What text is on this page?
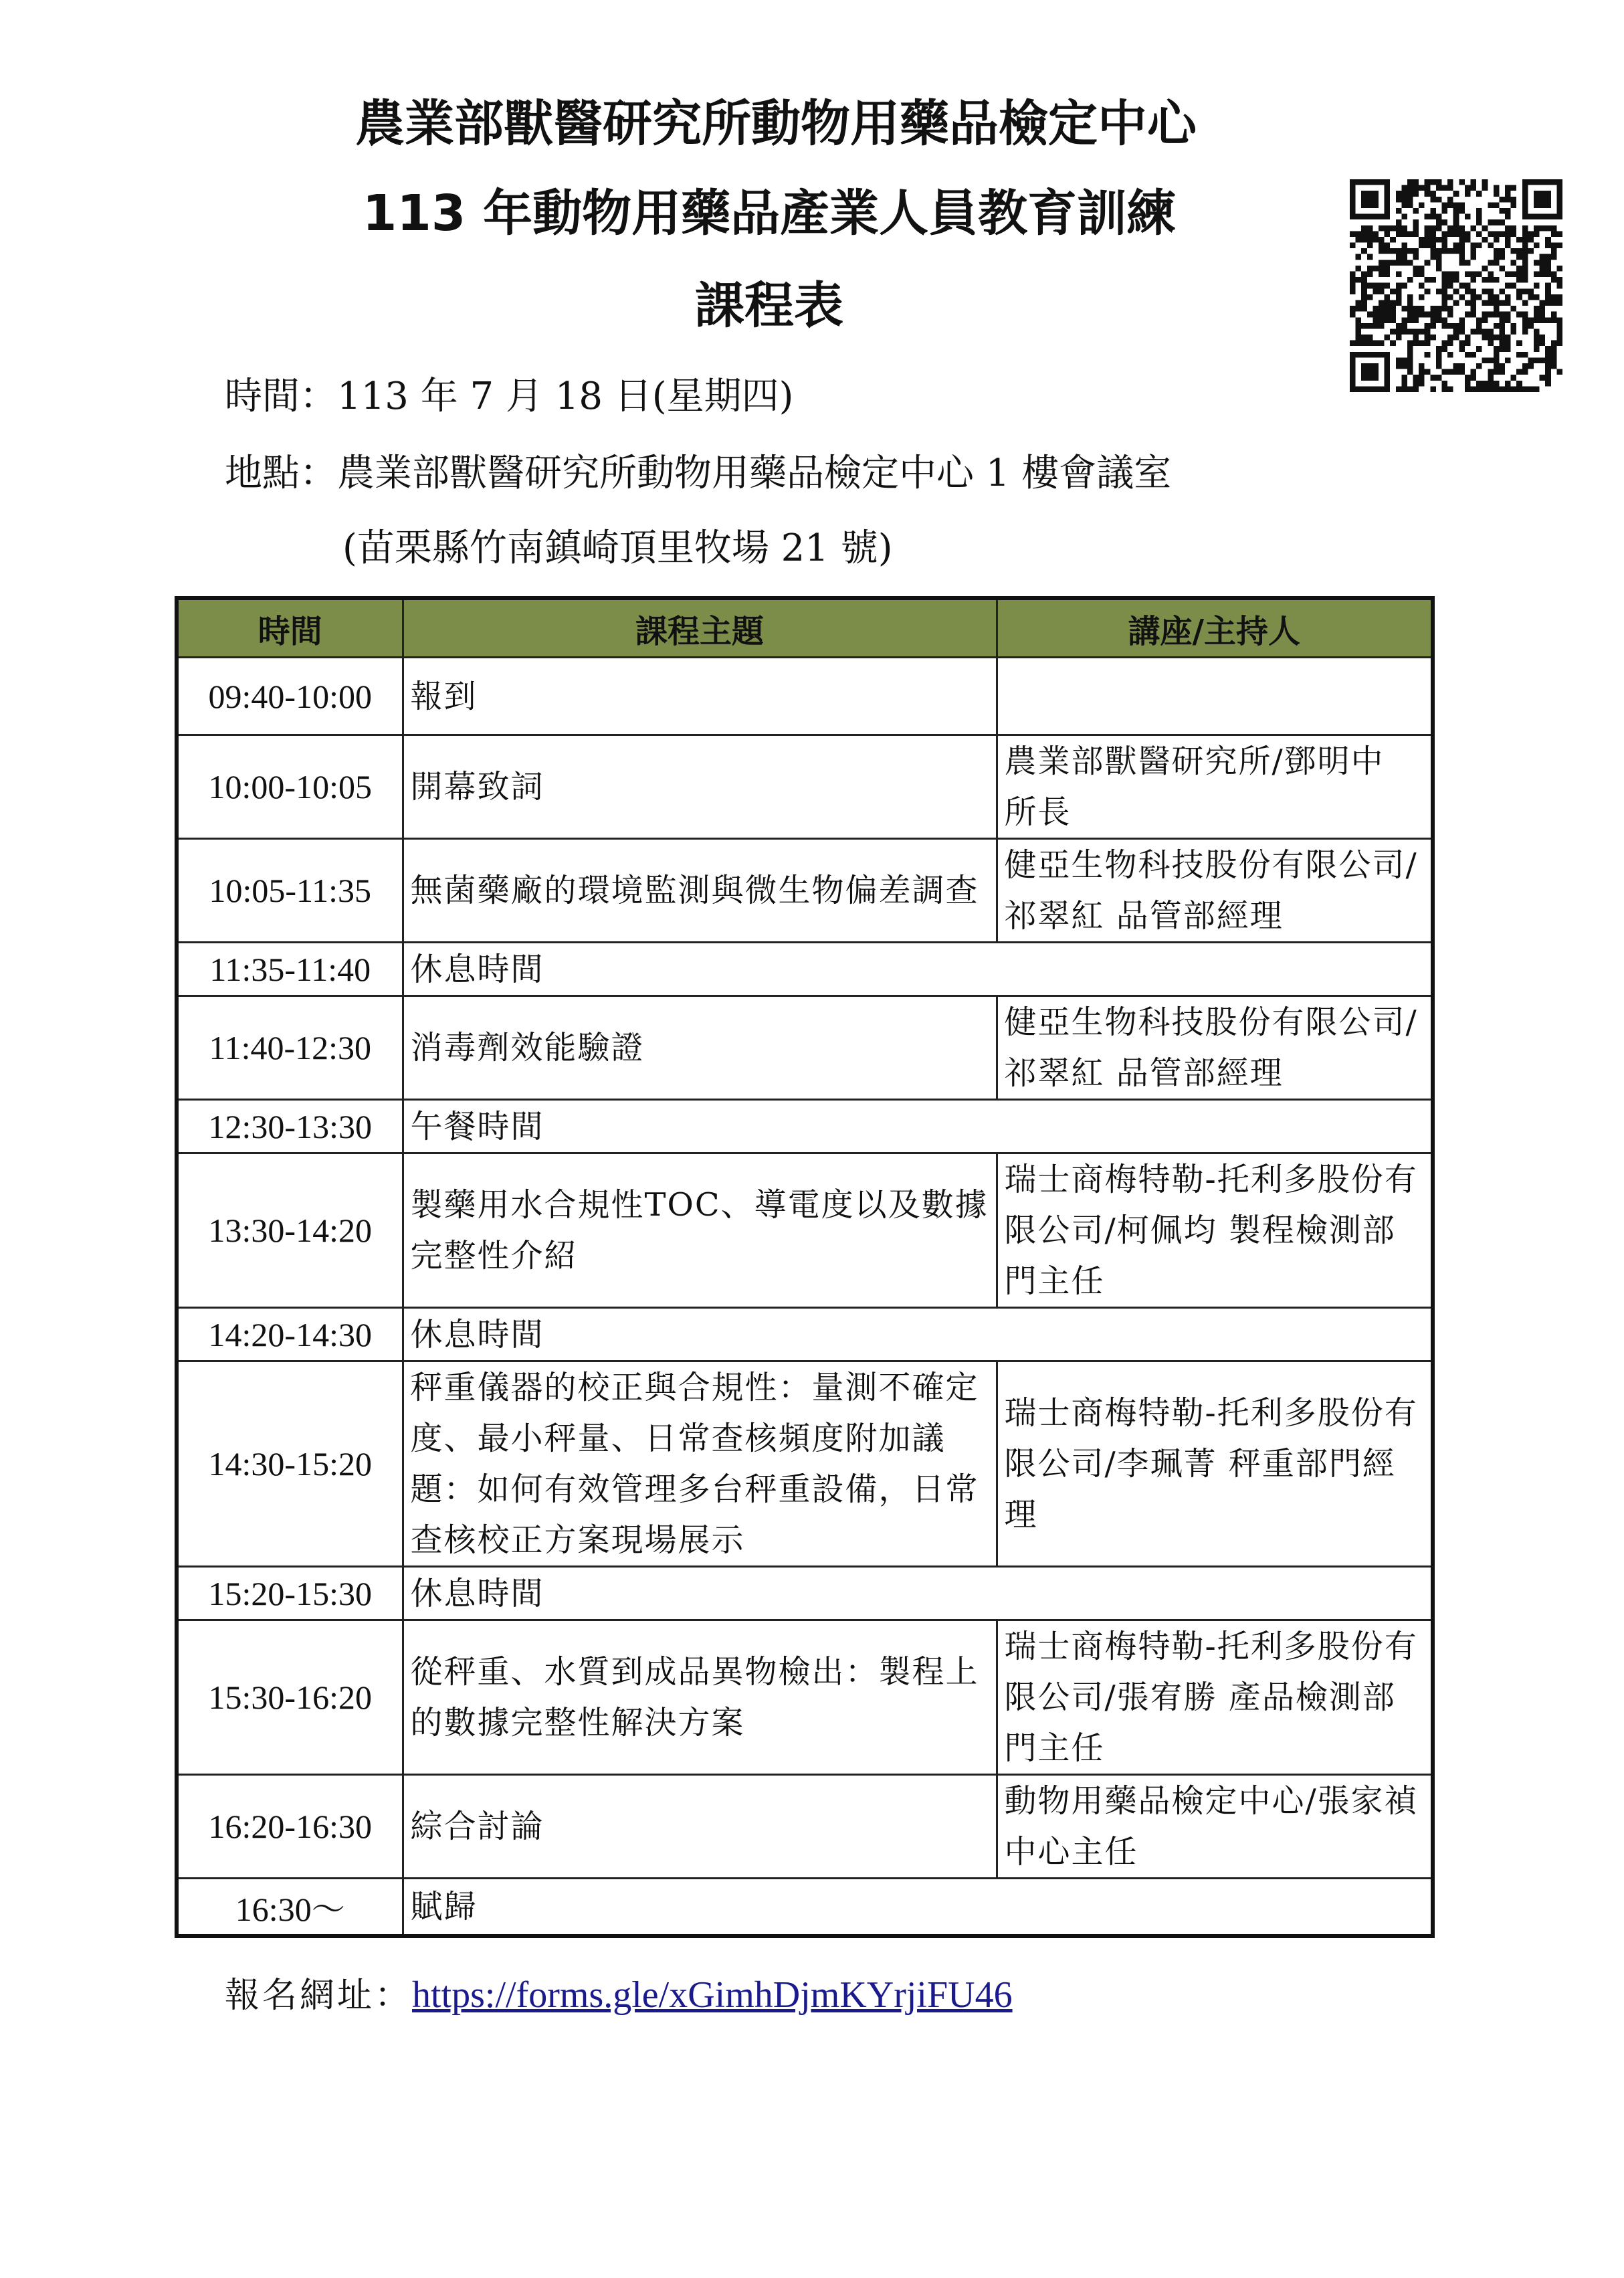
農業部獸醫研究所動物用藥品檢定中心
113 年動物用藥品產業人員教育訓練
課程表
時間：113 年 7 月 18 日(星期四)
地點：農業部獸醫研究所動物用藥品檢定中心 1 樓會議室
(苗栗縣竹南鎮崎頂里牧場 21 號)
時間	課程主題	講座/主持人
09:40-10:00	報到	
10:00-10:05	開幕致詞	農業部獸醫研究所/鄧明中 所長
10:05-11:35	無菌藥廠的環境監測與微生物偏差調查	健亞生物科技股份有限公司/祁翠紅 品管部經理
11:35-11:40	休息時間	
11:40-12:30	消毒劑效能驗證	健亞生物科技股份有限公司/祁翠紅 品管部經理
12:30-13:30	午餐時間	
13:30-14:20	製藥用水合規性TOC、導電度以及數據完整性介紹	瑞士商梅特勒-托利多股份有限公司/柯佩均 製程檢測部門主任
14:20-14:30	休息時間	
14:30-15:20	秤重儀器的校正與合規性：量測不確定度、最小秤量、日常查核頻度附加議題：如何有效管理多台秤重設備，日常查核校正方案現場展示	瑞士商梅特勒-托利多股份有限公司/李珮菁 秤重部門經理
15:20-15:30	休息時間	
15:30-16:20	從秤重、水質到成品異物檢出：製程上的數據完整性解決方案	瑞士商梅特勒-托利多股份有限公司/張宥勝 產品檢測部門主任
16:20-16:30	綜合討論	動物用藥品檢定中心/張家禎 中心主任
16:30～	賦歸	
報名網址：https://forms.gle/xGimhDjmKYrjiFU46
